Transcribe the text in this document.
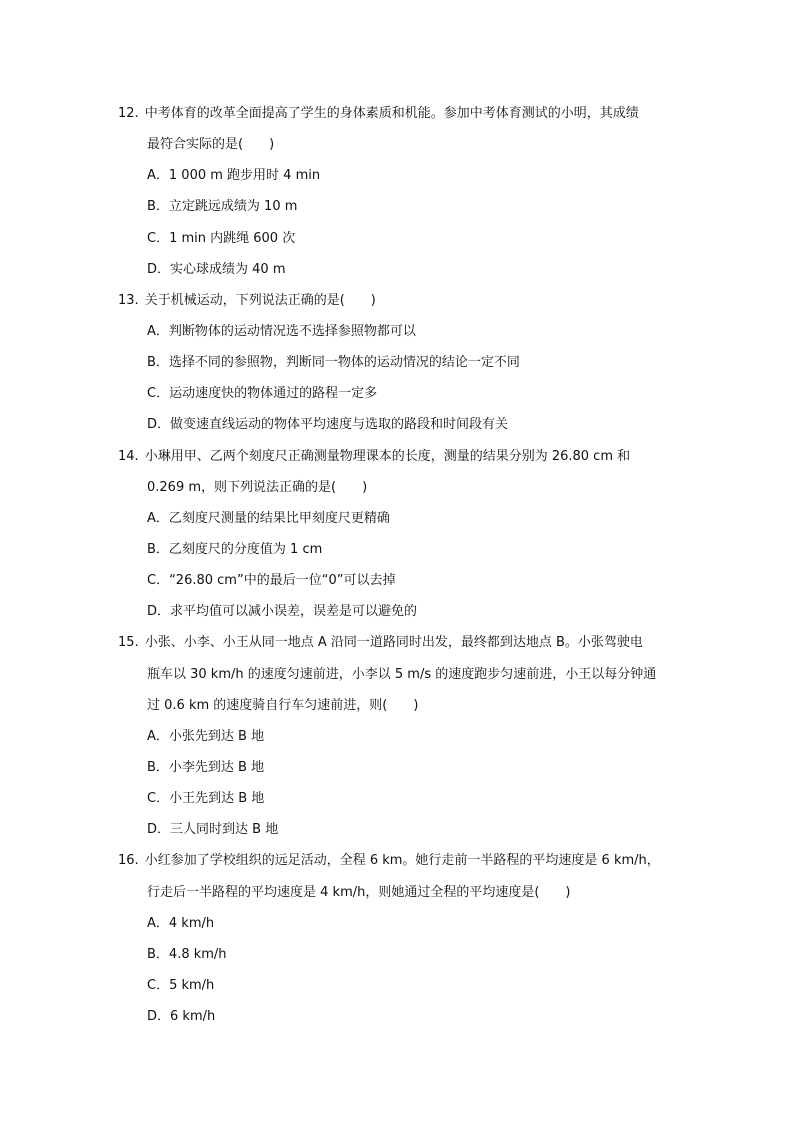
12. 中考体育的改革全面提高了学生的身体素质和机能。参加中考体育测试的小明，其成绩
最符合实际的是(　　)
A．1 000 m 跑步用时 4 min
B．立定跳远成绩为 10 m
C．1 min 内跳绳 600 次
D．实心球成绩为 40 m
13. 关于机械运动，下列说法正确的是(　　)
A．判断物体的运动情况选不选择参照物都可以
B．选择不同的参照物，判断同一物体的运动情况的结论一定不同
C．运动速度快的物体通过的路程一定多
D．做变速直线运动的物体平均速度与选取的路段和时间段有关
14. 小琳用甲、乙两个刻度尺正确测量物理课本的长度，测量的结果分别为 26.80 cm 和
0.269 m，则下列说法正确的是(　　)
A．乙刻度尺测量的结果比甲刻度尺更精确
B．乙刻度尺的分度值为 1 cm
C．“26.80 cm”中的最后一位“0”可以去掉
D．求平均值可以减小误差，误差是可以避免的
15. 小张、小李、小王从同一地点 A 沿同一道路同时出发，最终都到达地点 B。小张驾驶电
瓶车以 30 km/h 的速度匀速前进，小李以 5 m/s 的速度跑步匀速前进，小王以每分钟通
过 0.6 km 的速度骑自行车匀速前进，则(　　)
A．小张先到达 B 地
B．小李先到达 B 地
C．小王先到达 B 地
D．三人同时到达 B 地
16. 小红参加了学校组织的远足活动，全程 6 km。她行走前一半路程的平均速度是 6 km/h，
行走后一半路程的平均速度是 4 km/h，则她通过全程的平均速度是(　　)
A．4 km/h
B．4.8 km/h
C．5 km/h
D．6 km/h
